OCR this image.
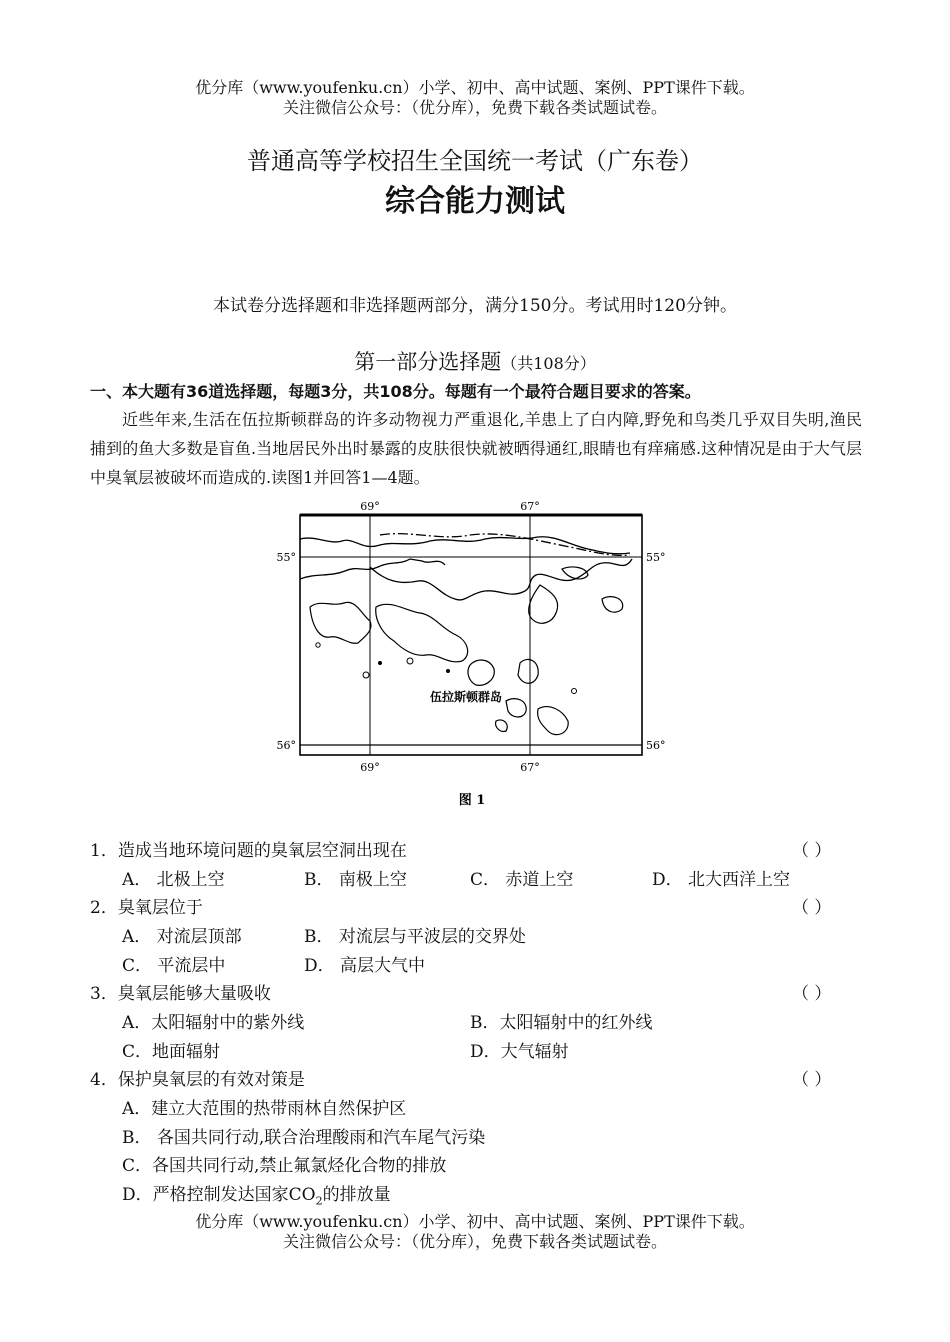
优分库（www.youfenku.cn）小学、初中、高中试题、案例、PPT课件下载。
关注微信公众号：（优分库），免费下载各类试题试卷。
普通高等学校招生全国统一考试（广东卷）
综合能力测试
本试卷分选择题和非选择题两部分，满分150分。考试用时120分钟。
第一部分选择题（共108分）
一、本大题有36道选择题，每题3分，共108分。每题有一个最符合题目要求的答案。
近些年来,生活在伍拉斯顿群岛的许多动物视力严重退化,羊患上了白内障,野免和鸟类几乎双目失明,渔民捕到的鱼大多数是盲鱼.当地居民外出时暴露的皮肤很快就被晒得通红,眼睛也有痒痛感.这种情况是由于大气层中臭氧层被破坏而造成的.读图1并回答1—4题。
69°	67°
69°	67°
55°	55°
56°	56°
伍拉斯顿群岛
图 1
1．造成当地环境问题的臭氧层空洞出现在	（ ）
A． 北极上空	B． 南极上空	C． 赤道上空	D． 北大西洋上空
2．臭氧层位于	（ ）
A． 对流层顶部	B． 对流层与平波层的交界处
C． 平流层中	D． 高层大气中
3．臭氧层能够大量吸收	（ ）
A．太阳辐射中的紫外线	B．太阳辐射中的红外线
C．地面辐射	D．大气辐射
4．保护臭氧层的有效对策是	（ ）
A．建立大范围的热带雨林自然保护区
B． 各国共同行动,联合治理酸雨和汽车尾气污染
C．各国共同行动,禁止氟氯烃化合物的排放
D．严格控制发达国家$CO_2$的排放量
优分库（www.youfenku.cn）小学、初中、高中试题、案例、PPT课件下载。
关注微信公众号：（优分库），免费下载各类试题试卷。
